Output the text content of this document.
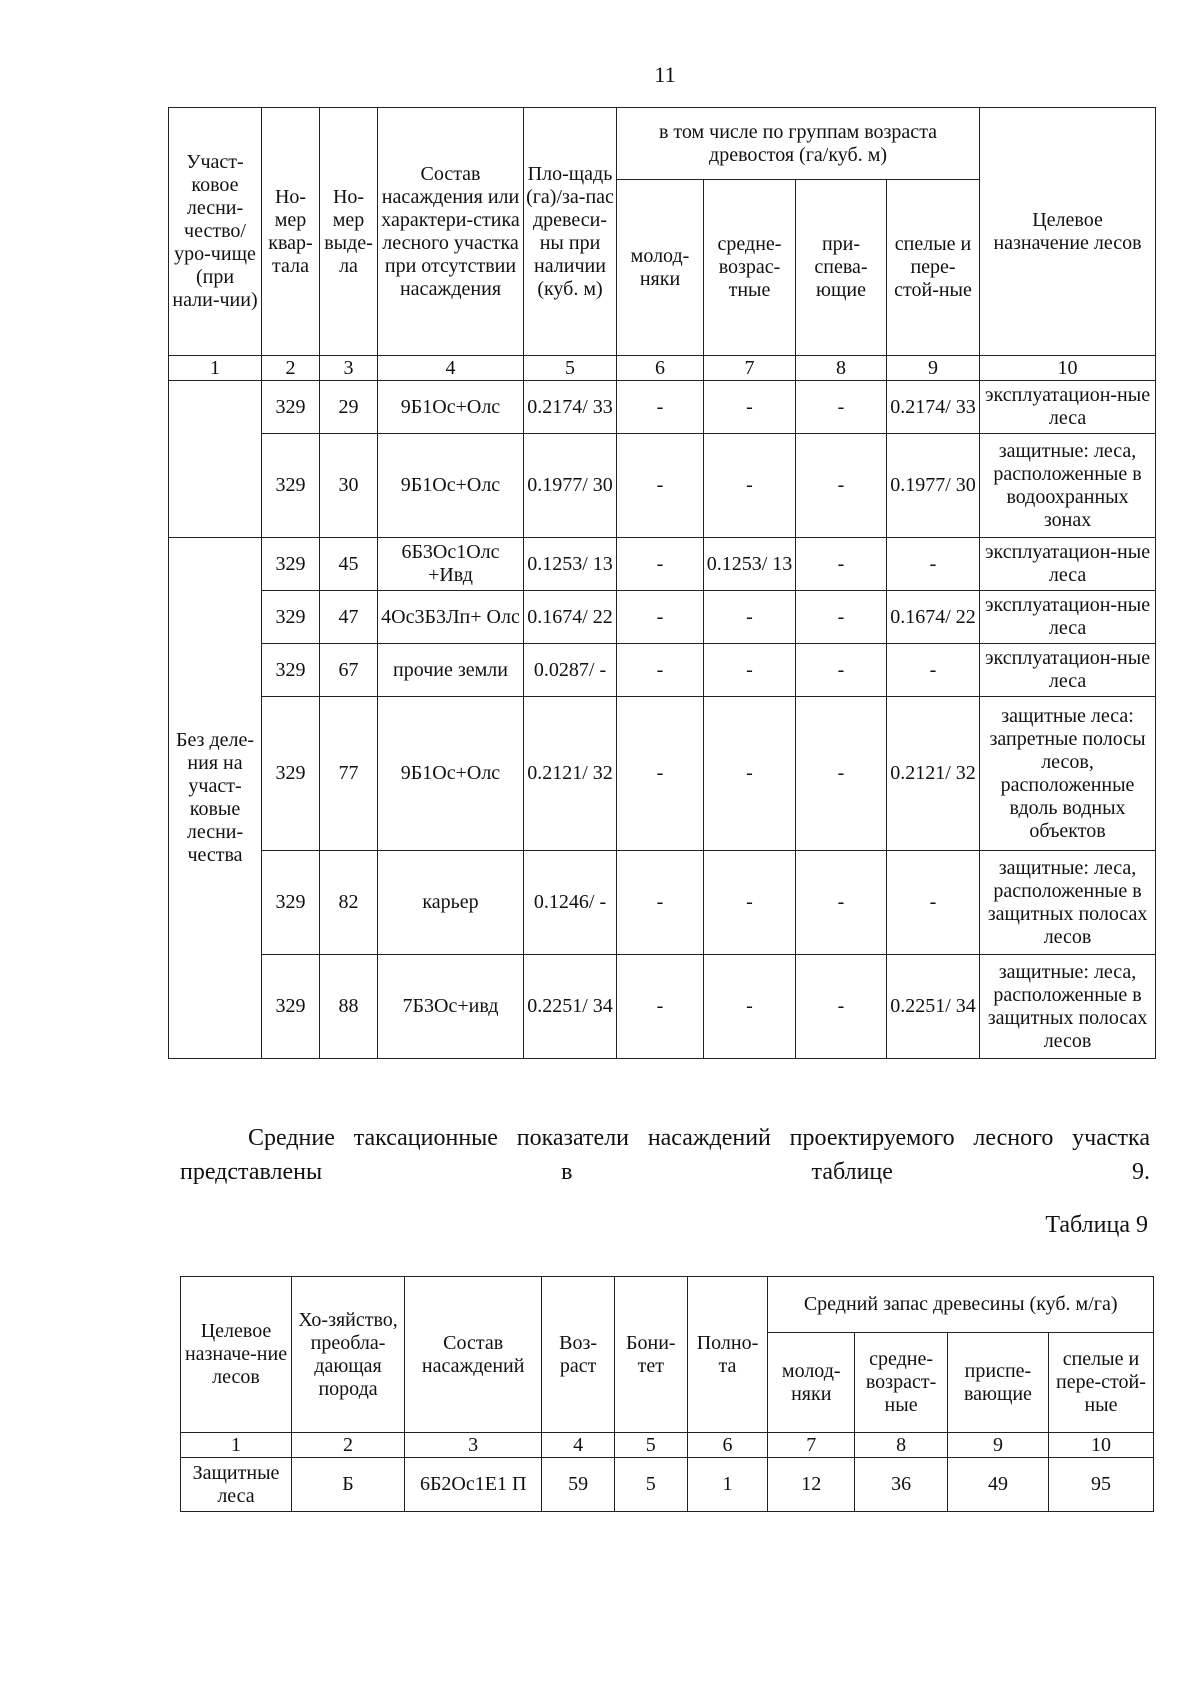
11
Участ-ковое лесни-чество/ уро-чище (при нали-чии)	Но-мер квар-тала	Но-мер выде-ла	Состав насаждения или характери-стика лесного участка при отсутствии насаждения	Пло-щадь (га)/за-пас древеси-ны при наличии (куб. м)	в том числе по группам возраста древостоя (га/куб. м)				Целевое назначение лесов
					молод-няки	средне-возрас-тные	при-спева-ющие	спелые и пере-стой-ные	
1	2	3	4	5	6	7	8	9	10
	329	29	9Б1Ос+Олс	0.2174/ 33	-	-	-	0.2174/ 33	эксплуатацион-ные леса
	329	30	9Б1Ос+Олс	0.1977/ 30	-	-	-	0.1977/ 30	защитные: леса, расположенные в водоохранных зонах
Без деле-ния на участ-ковые лесни-чества	329	45	6Б3Ос1Олс +Ивд	0.1253/ 13	-	0.1253/ 13	-	-	эксплуатацион-ные леса
	329	47	4Ос3Б3Лп+ Олс	0.1674/ 22	-	-	-	0.1674/ 22	эксплуатацион-ные леса
	329	67	прочие земли	0.0287/ -	-	-	-	-	эксплуатацион-ные леса
	329	77	9Б1Ос+Олс	0.2121/ 32	-	-	-	0.2121/ 32	защитные леса: запретные полосы лесов, расположенные вдоль водных объектов
	329	82	карьер	0.1246/ -	-	-	-	-	защитные: леса, расположенные в защитных полосах лесов
	329	88	7Б3Ос+ивд	0.2251/ 34	-	-	-	0.2251/ 34	защитные: леса, расположенные в защитных полосах лесов
Средние таксационные показатели насаждений проектируемого лесного участка представлены в таблице 9.
Таблица 9
Целевое назначе-ние лесов	Хо-зяйство, преобла-дающая порода	Состав насаждений	Воз-раст	Бони-тет	Полно-та	Средний запас древесины (куб. м/га)			
						молод-няки	средне-возраст-ные	приспе-вающие	спелые и пере-стой-ные
1	2	3	4	5	6	7	8	9	10
Защитные леса	Б	6Б2Ос1Е1 П	59	5	1	12	36	49	95
